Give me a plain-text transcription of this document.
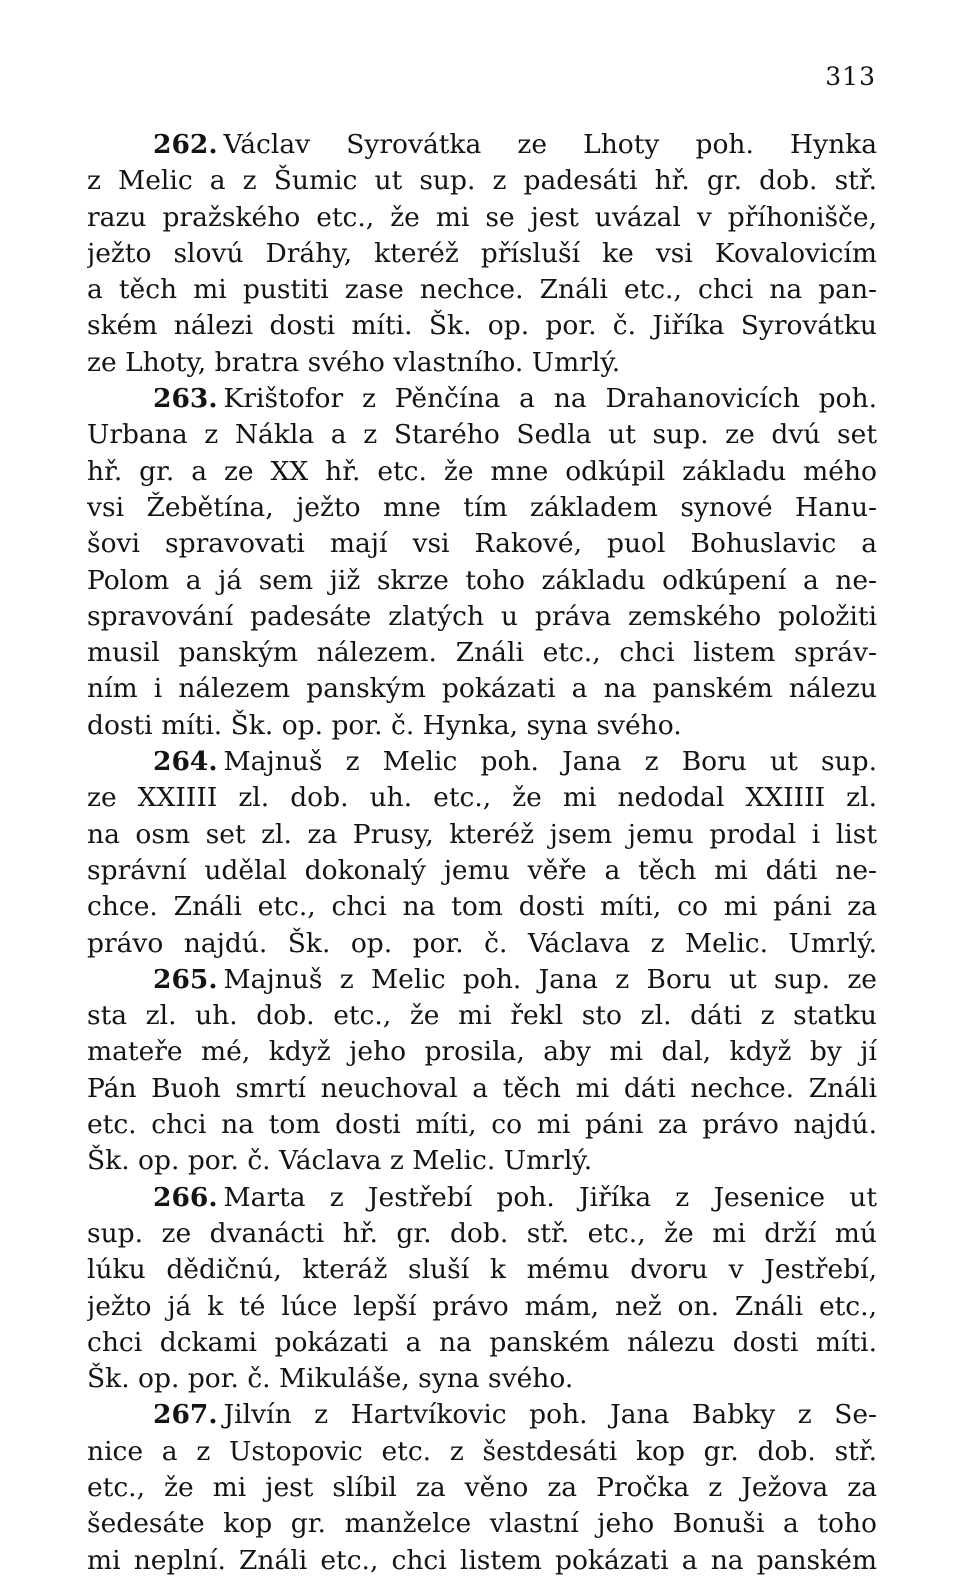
313
262. Václav Syrovátka ze Lhoty poh. Hynka
z Melic a z Šumic ut sup. z padesáti hř. gr. dob. stř.
razu pražského etc., že mi se jest uvázal v příhonišče,
ježto slovú Dráhy, kteréž přísluší ke vsi Kovalovicím
a těch mi pustiti zase nechce. Ználi etc., chci na pan-
ském nálezi dosti míti. Šk. op. por. č. Jiříka Syrovátku
ze Lhoty, bratra svého vlastního. Umrlý.
263. Krištofor z Pěnčína a na Drahanovicích poh.
Urbana z Nákla a z Starého Sedla ut sup. ze dvú set
hř. gr. a ze XX hř. etc. že mne odkúpil základu mého
vsi Žebětína, ježto mne tím základem synové Hanu-
šovi spravovati mají vsi Rakové, puol Bohuslavic a
Polom a já sem již skrze toho základu odkúpení a ne-
spravování padesáte zlatých u práva zemského položiti
musil panským nálezem. Ználi etc., chci listem správ-
ním i nálezem panským pokázati a na panském nálezu
dosti míti. Šk. op. por. č. Hynka, syna svého.
264. Majnuš z Melic poh. Jana z Boru ut sup.
ze XXIIII zl. dob. uh. etc., že mi nedodal XXIIII zl.
na osm set zl. za Prusy, kteréž jsem jemu prodal i list
správní udělal dokonalý jemu věře a těch mi dáti ne-
chce. Ználi etc., chci na tom dosti míti, co mi páni za
právo najdú. Šk. op. por. č. Václava z Melic. Umrlý.
265. Majnuš z Melic poh. Jana z Boru ut sup. ze
sta zl. uh. dob. etc., že mi řekl sto zl. dáti z statku
mateře mé, když jeho prosila, aby mi dal, když by jí
Pán Buoh smrtí neuchoval a těch mi dáti nechce. Ználi
etc. chci na tom dosti míti, co mi páni za právo najdú.
Šk. op. por. č. Václava z Melic. Umrlý.
266. Marta z Jestřebí poh. Jiříka z Jesenice ut
sup. ze dvanácti hř. gr. dob. stř. etc., že mi drží mú
lúku dědičnú, kteráž sluší k mému dvoru v Jestřebí,
ježto já k té lúce lepší právo mám, než on. Ználi etc.,
chci dckami pokázati a na panském nálezu dosti míti.
Šk. op. por. č. Mikuláše, syna svého.
267. Jilvín z Hartvíkovic poh. Jana Babky z Se-
nice a z Ustopovic etc. z šestdesáti kop gr. dob. stř.
etc., že mi jest slíbil za věno za Pročka z Ježova za
šedesáte kop gr. manželce vlastní jeho Bonuši a toho
mi neplní. Ználi etc., chci listem pokázati a na panském
